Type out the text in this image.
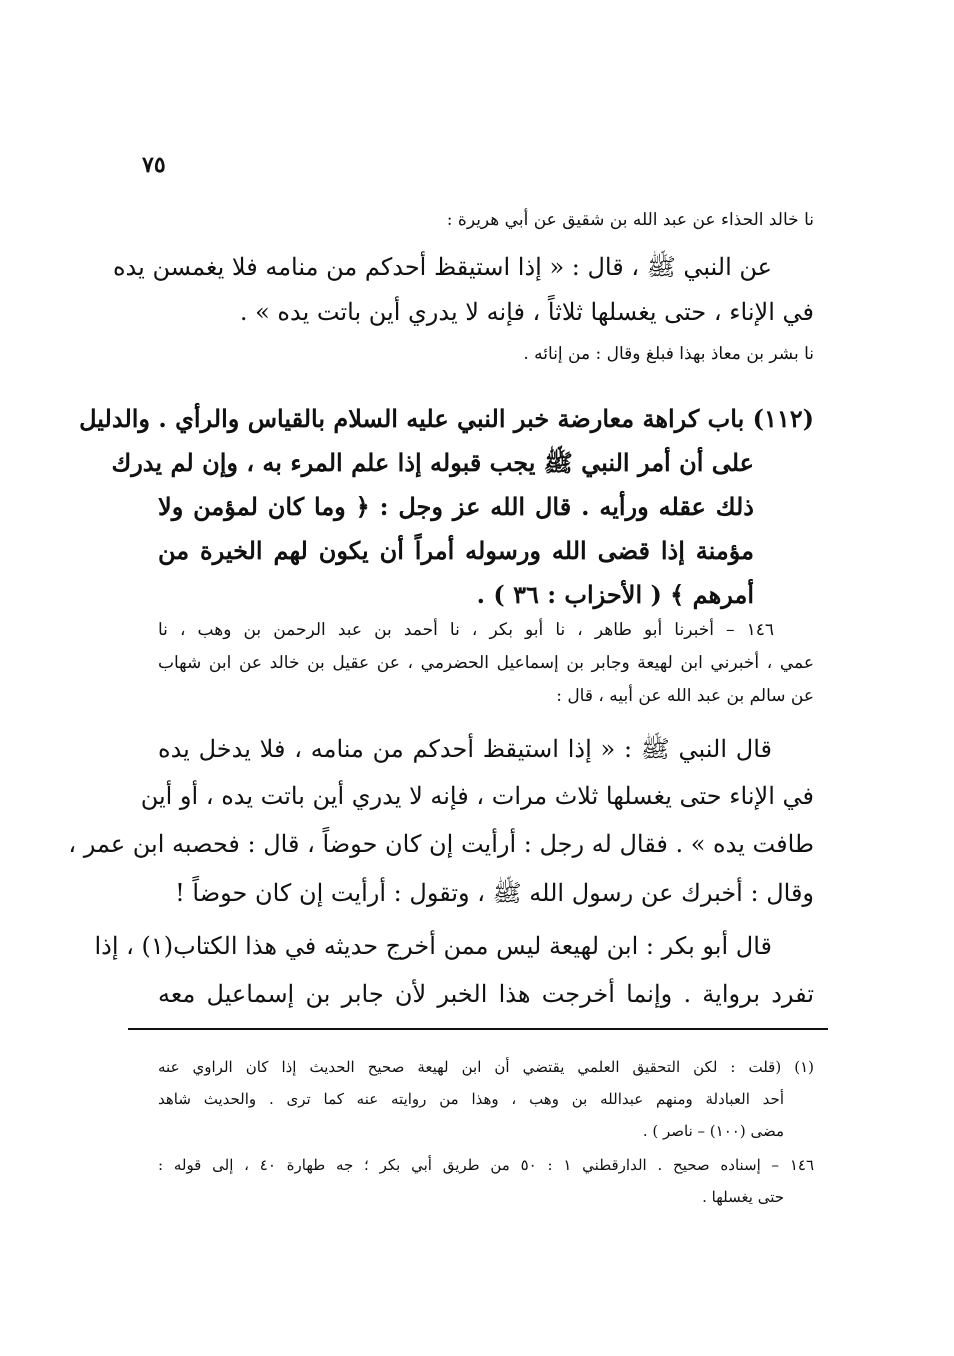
٧٥
نا خالد الحذاء عن عبد الله بن شقيق عن أبي هريرة :
عن النبي ﷺ ، قال : « إذا استيقظ أحدكم من منامه فلا يغمسن يده
في الإناء ، حتى يغسلها ثلاثاً ، فإنه لا يدري أين باتت يده » .
نا بشر بن معاذ بهذا فبلغ وقال : من إنائه .
(١١٢) باب كراهة معارضة خبر النبي عليه السلام بالقياس والرأي . والدليل
على أن أمر النبي ﷺ يجب قبوله إذا علم المرء به ، وإن لم يدرك
ذلك عقله ورأيه . قال الله عز وجل : ﴿ وما كان لمؤمن ولا
مؤمنة إذا قضى الله ورسوله أمراً أن يكون لهم الخيرة من
أمرهم ﴾ ( الأحزاب : ٣٦ ) .
١٤٦ – أخبرنا أبو طاهر ، نا أبو بكر ، نا أحمد بن عبد الرحمن بن وهب ، نا
عمي ، أخبرني ابن لهيعة وجابر بن إسماعيل الحضرمي ، عن عقيل بن خالد عن ابن شهاب
عن سالم بن عبد الله عن أبيه ، قال :
قال النبي ﷺ : « إذا استيقظ أحدكم من منامه ، فلا يدخل يده
في الإناء حتى يغسلها ثلاث مرات ، فإنه لا يدري أين باتت يده ، أو أين
طافت يده » . فقال له رجل : أرأيت إن كان حوضاً ، قال : فحصبه ابن عمر ،
وقال : أخبرك عن رسول الله ﷺ ، وتقول : أرأيت إن كان حوضاً !
قال أبو بكر : ابن لهيعة ليس ممن أخرج حديثه في هذا الكتاب(١) ، إذا
تفرد برواية . وإنما أخرجت هذا الخبر لأن جابر بن إسماعيل معه
(١) (قلت : لكن التحقيق العلمي يقتضي أن ابن لهيعة صحيح الحديث إذا كان الراوي عنه
أحد العبادلة ومنهم عبدالله بن وهب ، وهذا من روايته عنه كما ترى . والحديث شاهد
مضى (١٠٠) – ناصر ) .
١٤٦ – إسناده صحيح . الدارقطني ١ : ٥٠ من طريق أبي بكر ؛ جه طهارة ٤٠ ، إلى قوله :
حتى يغسلها .
